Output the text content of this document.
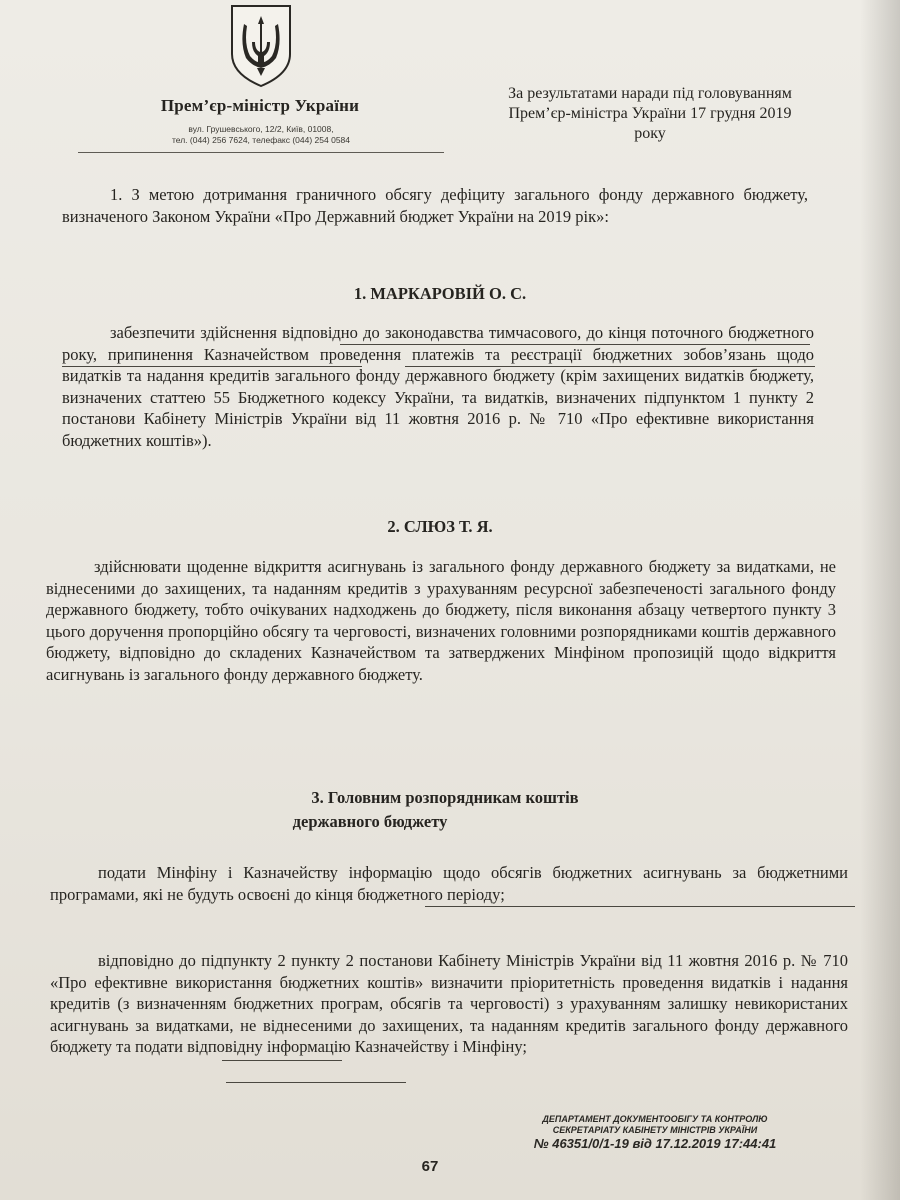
Прем’єр-міністр України
вул. Грушевського, 12/2, Київ, 01008,
тел. (044) 256 7624, телефакс (044) 254 0584
За результатами наради під головуванням Прем’єр-міністра України 17 грудня 2019 року

1. З метою дотримання граничного обсягу дефіциту загального фонду державного бюджету, визначеного Законом України «Про Державний бюджет України на 2019 рік»:

1. МАРКАРОВІЙ О. С.

забезпечити здійснення відповідно до законодавства тимчасового, до кінця поточного бюджетного року, припинення Казначейством проведення платежів та реєстрації бюджетних зобов’язань щодо видатків та надання кредитів загального фонду державного бюджету (крім захищених видатків бюджету, визначених статтею 55 Бюджетного кодексу України, та видатків, визначених підпунктом 1 пункту 2 постанови Кабінету Міністрів України від 11 жовтня 2016 р. № 710 «Про ефективне використання бюджетних коштів»).

2. СЛЮЗ Т. Я.

здійснювати щоденне відкриття асигнувань із загального фонду державного бюджету за видатками, не віднесеними до захищених, та наданням кредитів з урахуванням ресурсної забезпеченості загального фонду державного бюджету, тобто очікуваних надходжень до бюджету, після виконання абзацу четвертого пункту 3 цього доручення пропорційно обсягу та черговості, визначених головними розпорядниками коштів державного бюджету, відповідно до складених Казначейством та затверджених Мінфіном пропозицій щодо відкриття асигнувань із загального фонду державного бюджету.

3. Головним розпорядникам коштів

державного бюджету

подати Мінфіну і Казначейству інформацію щодо обсягів бюджетних асигнувань за бюджетними програмами, які не будуть освоєні до кінця бюджетного періоду;

відповідно до підпункту 2 пункту 2 постанови Кабінету Міністрів України від 11 жовтня 2016 р. № 710 «Про ефективне використання бюджетних коштів» визначити пріоритетність проведення видатків і надання кредитів (з визначенням бюджетних програм, обсягів та черговості) з урахуванням залишку невикористаних асигнувань за видатками, не віднесеними до захищених, та наданням кредитів загального фонду державного бюджету та подати відповідну інформацію Казначейству і Мінфіну;

ДЕПАРТАМЕНТ ДОКУМЕНТООБІГУ ТА КОНТРОЛЮ
СЕКРЕТАРІАТУ КАБІНЕТУ МІНІСТРІВ УКРАЇНИ
№ 46351/0/1-19 від 17.12.2019 17:44:41
67
